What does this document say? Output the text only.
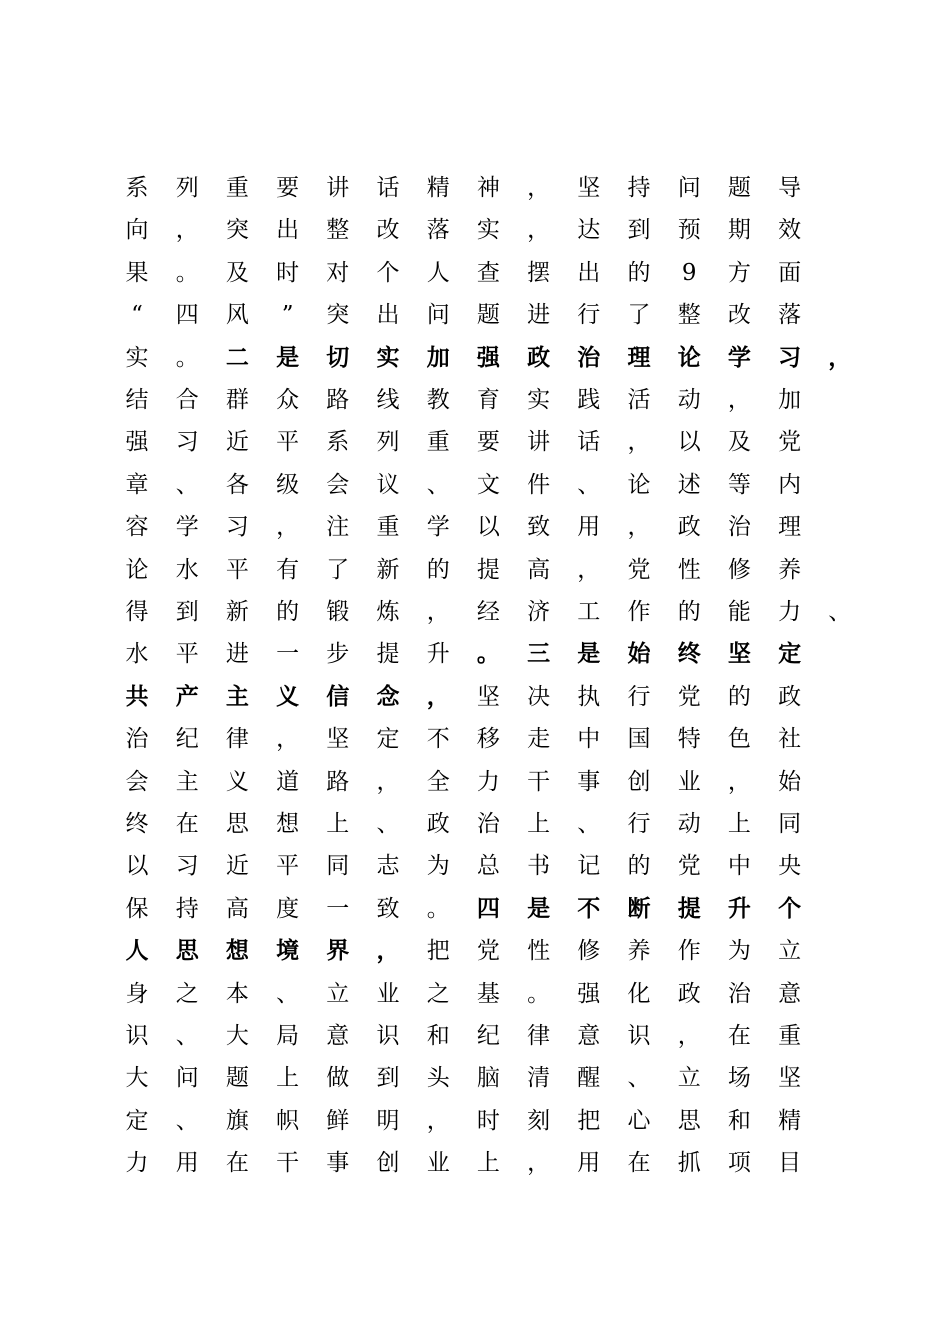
系	列	重	要	讲	话	精	神	，	坚	持	问	题	导
向	，	突	出	整	改	落	实	，	达	到	预	期	效
果	。	及	时	对	个	人	查	摆	出	的	9	方	面
“	四	风	”	突	出	问	题	进	行	了	整	改	落
实	。	二	是	切	实	加	强	政	治	理	论	学	习	，
结	合	群	众	路	线	教	育	实	践	活	动	，	加
强	习	近	平	系	列	重	要	讲	话	，	以	及	党
章	、	各	级	会	议	、	文	件	、	论	述	等	内
容	学	习	，	注	重	学	以	致	用	，	政	治	理
论	水	平	有	了	新	的	提	高	，	党	性	修	养
得	到	新	的	锻	炼	，	经	济	工	作	的	能	力	、
水	平	进	一	步	提	升	。	三	是	始	终	坚	定
共	产	主	义	信	念	，	坚	决	执	行	党	的	政
治	纪	律	，	坚	定	不	移	走	中	国	特	色	社
会	主	义	道	路	，	全	力	干	事	创	业	，	始
终	在	思	想	上	、	政	治	上	、	行	动	上	同
以	习	近	平	同	志	为	总	书	记	的	党	中	央
保	持	高	度	一	致	。	四	是	不	断	提	升	个
人	思	想	境	界	，	把	党	性	修	养	作	为	立
身	之	本	、	立	业	之	基	。	强	化	政	治	意
识	、	大	局	意	识	和	纪	律	意	识	，	在	重
大	问	题	上	做	到	头	脑	清	醒	、	立	场	坚
定	、	旗	帜	鲜	明	，	时	刻	把	心	思	和	精
力	用	在	干	事	创	业	上	，	用	在	抓	项	目
